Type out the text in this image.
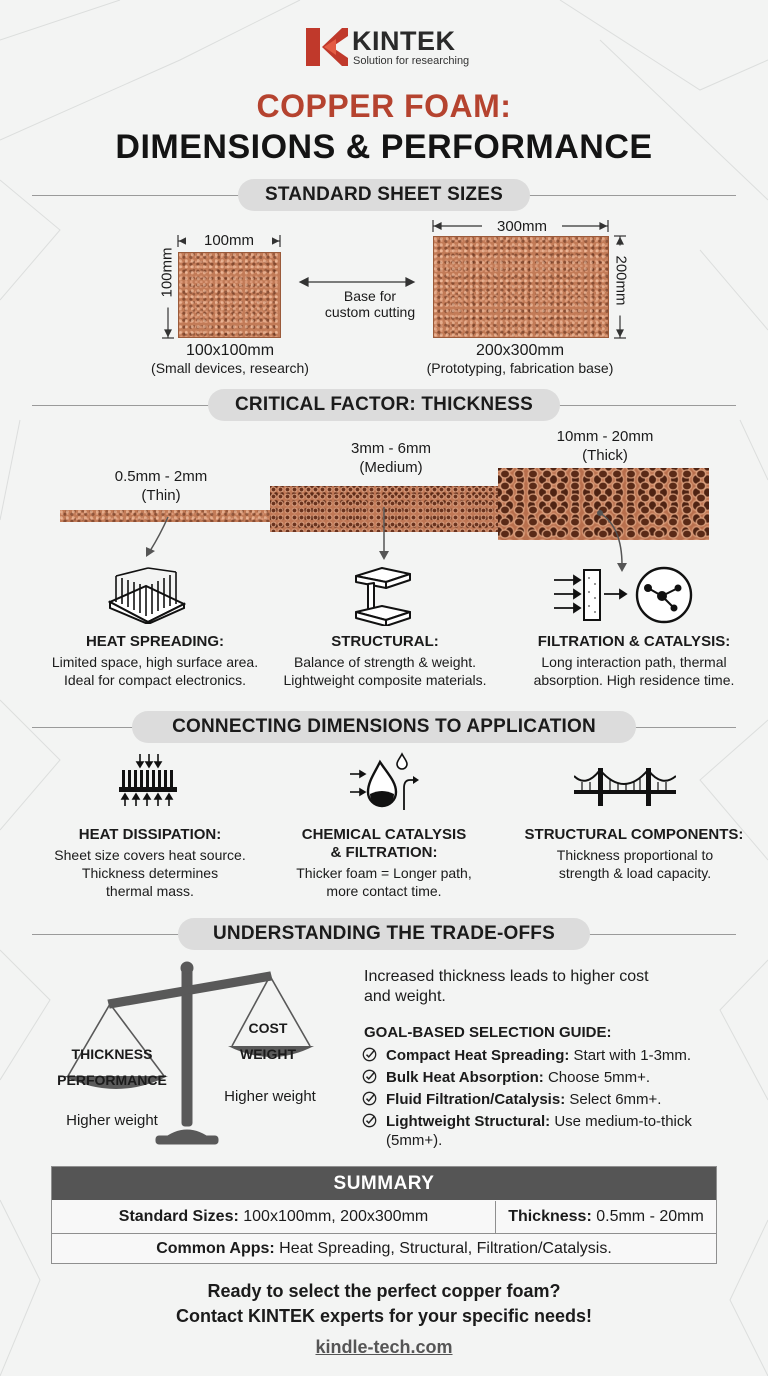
KINTEK
Solution for researching
COPPER FOAM:
DIMENSIONS & PERFORMANCE
STANDARD SHEET SIZES
100mm
100mm	Base for
custom cutting
300mm
200mm
100x100mm
(Small devices, research)
200x300mm
(Prototyping, fabrication base)
CRITICAL FACTOR: THICKNESS
3mm - 6mm
(Medium)
10mm - 20mm
(Thick)
0.5mm - 2mm
(Thin)
HEAT SPREADING:
Limited space, high surface area.
Ideal for compact electronics.
STRUCTURAL:
Balance of strength & weight.
Lightweight composite materials.
FILTRATION & CATALYSIS:
Long interaction path, thermal
absorption. High residence time.
CONNECTING DIMENSIONS TO APPLICATION
HEAT DISSIPATION:
Sheet size covers heat source.
Thickness determines
thermal mass.
CHEMICAL CATALYSIS
& FILTRATION:
Thicker foam = Longer path,
more contact time.
STRUCTURAL COMPONENTS:
Thickness proportional to
strength & load capacity.
UNDERSTANDING THE TRADE-OFFS
THICKNESS
PERFORMANCE
Higher weight
COST
WEIGHT
Higher weight
Increased thickness leads to higher cost
and weight.
GOAL-BASED SELECTION GUIDE:
Compact Heat Spreading: Start with 1-3mm.
Bulk Heat Absorption: Choose 5mm+.
Fluid Filtration/Catalysis: Select 6mm+.
Lightweight Structural: Use medium-to-thick
(5mm+).
SUMMARY
Standard Sizes: 100x100mm, 200x300mm	Thickness: 0.5mm - 20mm
Common Apps: Heat Spreading, Structural, Filtration/Catalysis.
Ready to select the perfect copper foam?
Contact KINTEK experts for your specific needs!
kindle-tech.com
